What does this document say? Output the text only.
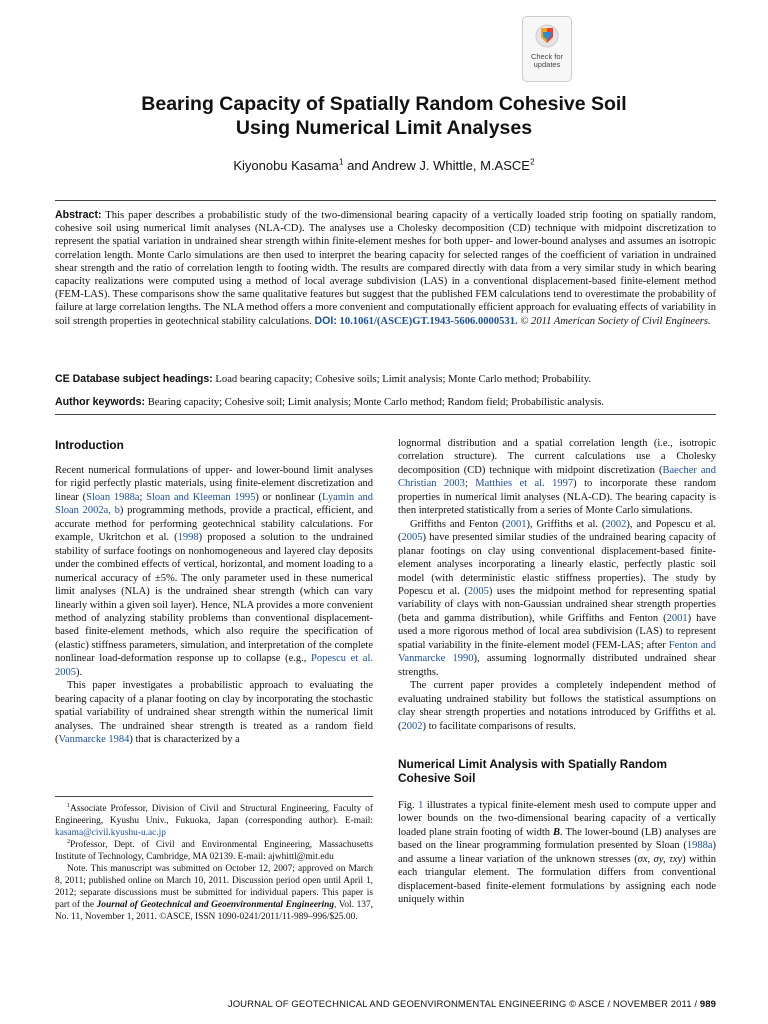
Check for
updates
Bearing Capacity of Spatially Random Cohesive Soil
Using Numerical Limit Analyses
Kiyonobu Kasama$^1$ and Andrew J. Whittle, M.ASCE$^2$
Abstract: This paper describes a probabilistic study of the two-dimensional bearing capacity of a vertically loaded strip footing on spatially random, cohesive soil using numerical limit analyses (NLA-CD). The analyses use a Cholesky decomposition (CD) technique with midpoint discretization to represent the spatial variation in undrained shear strength within finite-element meshes for both upper- and lower-bound analyses and assumes an isotropic correlation length. Monte Carlo simulations are then used to interpret the bearing capacity for selected ranges of the coefficient of variation in undrained shear strength and the ratio of correlation length to footing width. The results are compared directly with data from a very similar study in which bearing capacity realizations were computed using a method of local average subdivision (LAS) in a conventional displacement-based finite-element method (FEM-LAS). These comparisons show the same qualitative features but suggest that the published FEM calculations tend to overestimate the probability of failure at large correlation lengths. The NLA method offers a more convenient and computationally efficient approach for evaluating effects of variability in soil strength properties in geotechnical stability calculations. DOI: 10.1061/(ASCE)GT.1943-5606.0000531. © 2011 American Society of Civil Engineers.
CE Database subject headings: Load bearing capacity; Cohesive soils; Limit analysis; Monte Carlo method; Probability.
Author keywords: Bearing capacity; Cohesive soil; Limit analysis; Monte Carlo method; Random field; Probabilistic analysis.
Introduction

Recent numerical formulations of upper- and lower-bound limit analyses for rigid perfectly plastic materials, using finite-element discretization and linear (Sloan 1988a; Sloan and Kleeman 1995) or nonlinear (Lyamin and Sloan 2002a, b) programming methods, provide a practical, efficient, and accurate method for performing geotechnical stability calculations. For example, Ukritchon et al. (1998) proposed a solution to the undrained stability of surface footings on nonhomogeneous and layered clay deposits under the combined effects of vertical, horizontal, and moment loading to a numerical accuracy of ±5%. The only parameter used in these numerical limit analyses (NLA) is the undrained shear strength (which can vary linearly within a given soil layer). Hence, NLA provides a more convenient method of analyzing stability problems than conventional displacement-based finite-element methods, which also require the specification of (elastic) stiffness parameters, simulation, and interpretation of the complete nonlinear load-deformation response up to collapse (e.g., Popescu et al. 2005).

This paper investigates a probabilistic approach to evaluating the bearing capacity of a planar footing on clay by incorporating the stochastic spatial variability of undrained shear strength within the numerical limit analyses. The undrained shear strength is treated as a random field (Vanmarcke 1984) that is characterized by a

$^1$Associate Professor, Division of Civil and Structural Engineering, Faculty of Engineering, Kyushu Univ., Fukuoka, Japan (corresponding author). E-mail: kasama@civil.kyushu-u.ac.jp

$^2$Professor, Dept. of Civil and Environmental Engineering, Massachusetts Institute of Technology, Cambridge, MA 02139. E-mail: ajwhittl@mit.edu

Note. This manuscript was submitted on October 12, 2007; approved on March 8, 2011; published online on March 10, 2011. Discussion period open until April 1, 2012; separate discussions must be submitted for individual papers. This paper is part of the Journal of Geotechnical and Geoenvironmental Engineering, Vol. 137, No. 11, November 1, 2011. ©ASCE, ISSN 1090-0241/2011/11-989–996/$25.00.

lognormal distribution and a spatial correlation length (i.e., isotropic correlation structure). The current calculations use a Cholesky decomposition (CD) technique with midpoint discretization (Baecher and Christian 2003; Matthies et al. 1997) to incorporate these random properties in numerical limit analyses (NLA-CD). The bearing capacity is then interpreted statistically from a series of Monte Carlo simulations.

Griffiths and Fenton (2001), Griffiths et al. (2002), and Popescu et al. (2005) have presented similar studies of the undrained bearing capacity of planar footings on clay using conventional displacement-based finite-element analyses incorporating a linearly elastic, perfectly plastic soil model (with deterministic elastic stiffness properties). The study by Popescu et al. (2005) uses the midpoint method for representing spatial variability of clays with non-Gaussian undrained shear strength properties (beta and gamma distribution), while Griffiths and Fenton (2001) have used a more rigorous method of local area subdivision (LAS) to represent spatial variability in the finite-element model (FEM-LAS; after Fenton and Vanmarcke 1990), assuming lognormally distributed undrained shear strengths.

The current paper provides a completely independent method of evaluating undrained stability but follows the statistical assumptions on clay shear strength properties and notations introduced by Griffiths et al. (2002) to facilitate comparisons of results.

Numerical Limit Analysis with Spatially Random Cohesive Soil

Fig. 1 illustrates a typical finite-element mesh used to compute upper and lower bounds on the two-dimensional bearing capacity of a vertically loaded plane strain footing of width B. The lower-bound (LB) analyses are based on the linear programming formulation presented by Sloan (1988a) and assume a linear variation of the unknown stresses (σx, σy, τxy) within each triangular element. The formulation differs from conventional displacement-based finite-element formulations by assigning each node uniquely within

JOURNAL OF GEOTECHNICAL AND GEOENVIRONMENTAL ENGINEERING © ASCE / NOVEMBER 2011 / 989
